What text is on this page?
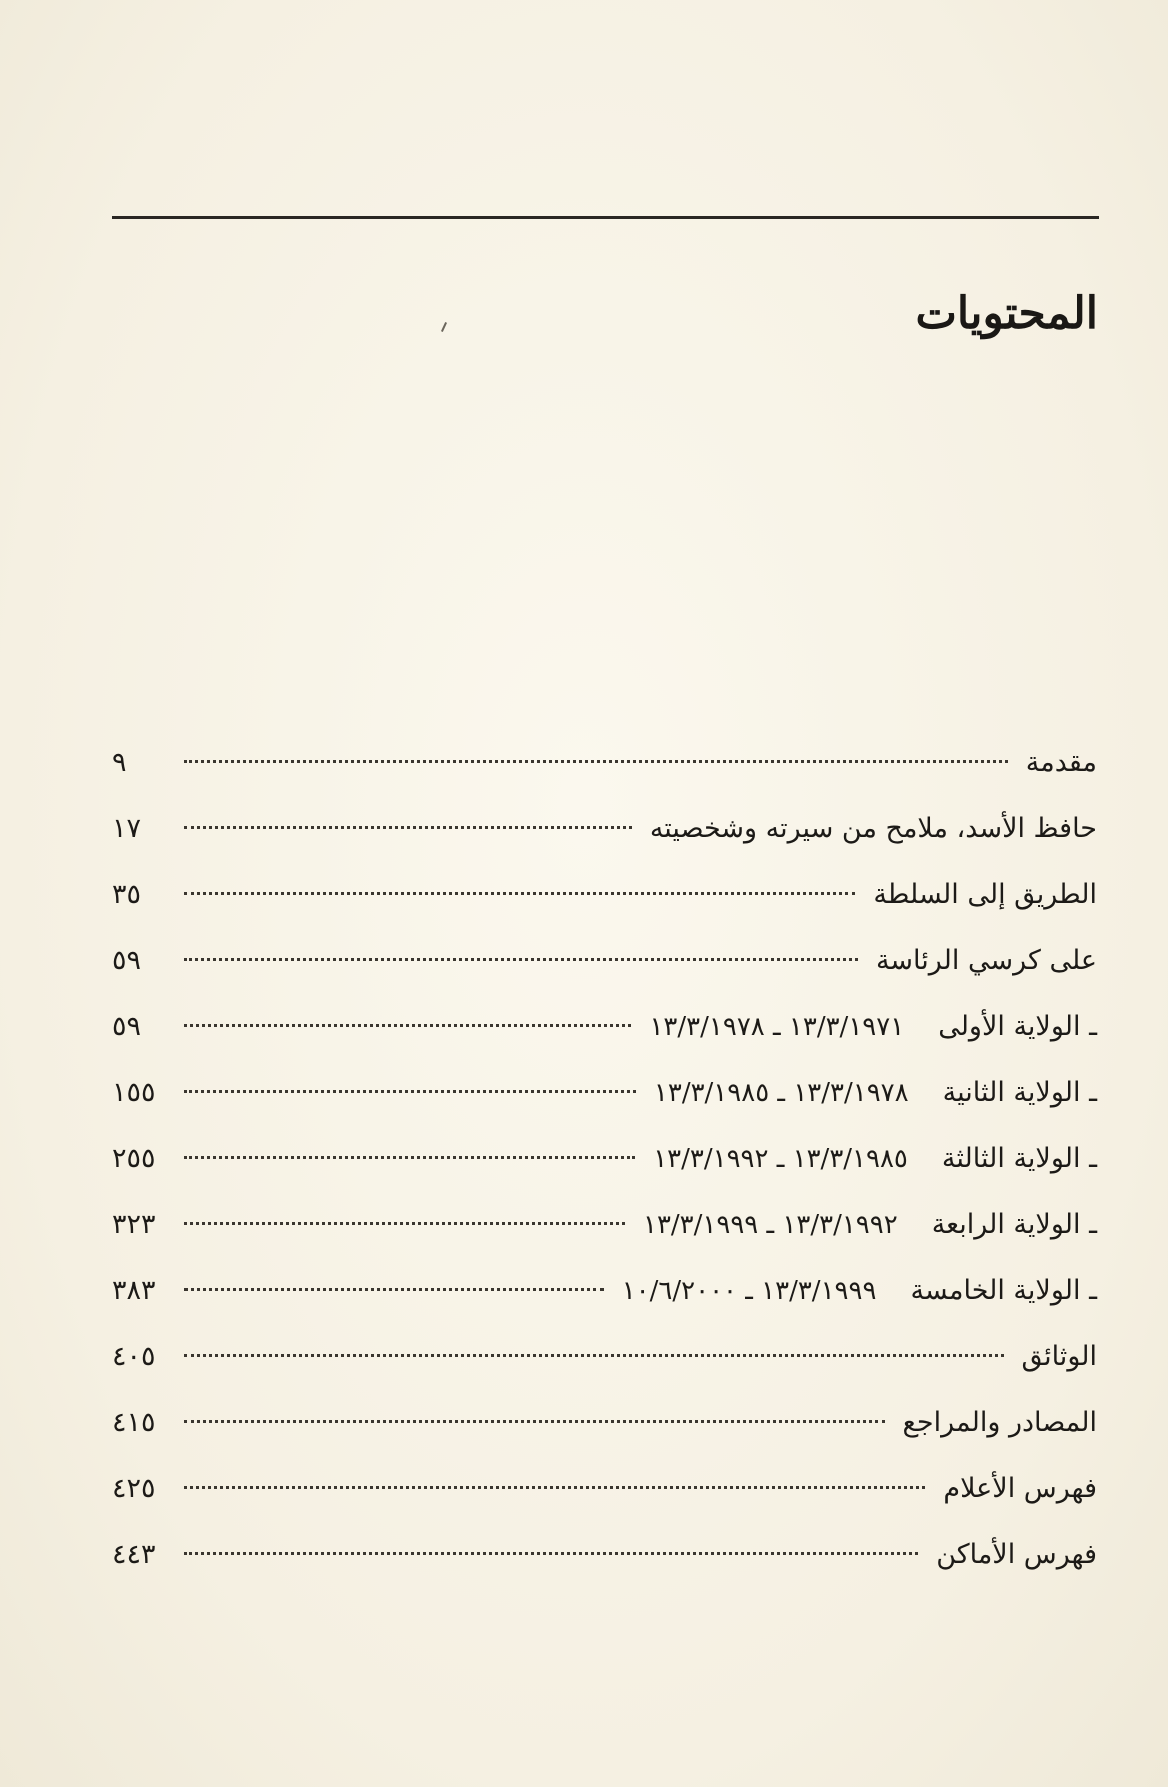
المحتويات
مقدمة
٩
حافظ الأسد، ملامح من سيرته وشخصيته
١٧
الطريق إلى السلطة
٣٥
على كرسي الرئاسة
٥٩
ـ الولاية الأولى
١٣/٣/١٩٧١ ـ ١٣/٣/١٩٧٨
٥٩
ـ الولاية الثانية
١٣/٣/١٩٧٨ ـ ١٣/٣/١٩٨٥
١٥٥
ـ الولاية الثالثة
١٣/٣/١٩٨٥ ـ ١٣/٣/١٩٩٢
٢٥٥
ـ الولاية الرابعة
١٣/٣/١٩٩٢ ـ ١٣/٣/١٩٩٩
٣٢٣
ـ الولاية الخامسة
١٣/٣/١٩٩٩ ـ ١٠/٦/٢٠٠٠
٣٨٣
الوثائق
٤٠٥
المصادر والمراجع
٤١٥
فهرس الأعلام
٤٢٥
فهرس الأماكن
٤٤٣
